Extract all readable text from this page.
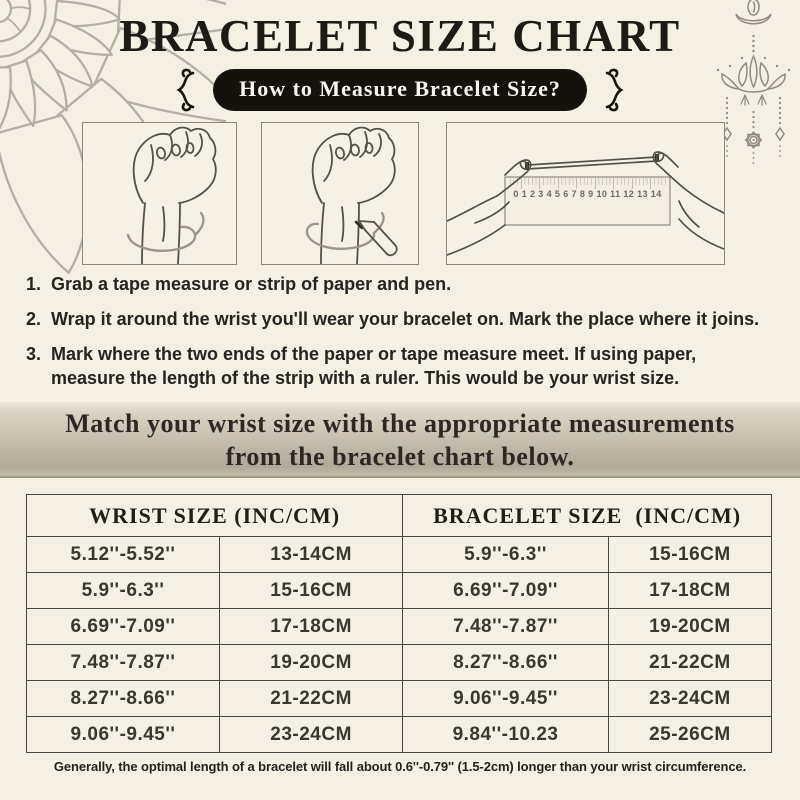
BRACELET SIZE CHART
How to Measure Bracelet Size?
0 1 2 3 4 5 6 7 8 9 10 11 12 13 14
1. Grab a tape measure or strip of paper and pen.
2. Wrap it around the wrist you'll wear your bracelet on. Mark the place where it joins.
3. Mark where the two ends of the paper or tape measure meet. If using paper, measure the length of the strip with a ruler. This would be your wrist size.
Match your wrist size with the appropriate measurements from the bracelet chart below.
WRIST SIZE (INC/CM)		BRACELET SIZE  (INC/CM)	
5.12''-5.52''	13-14CM	5.9''-6.3''	15-16CM
5.9''-6.3''	15-16CM	6.69''-7.09''	17-18CM
6.69''-7.09''	17-18CM	7.48''-7.87''	19-20CM
7.48''-7.87''	19-20CM	8.27''-8.66''	21-22CM
8.27''-8.66''	21-22CM	9.06''-9.45''	23-24CM
9.06''-9.45''	23-24CM	9.84''-10.23	25-26CM
Generally, the optimal length of a bracelet will fall about 0.6''-0.79'' (1.5-2cm) longer than your wrist circumference.
